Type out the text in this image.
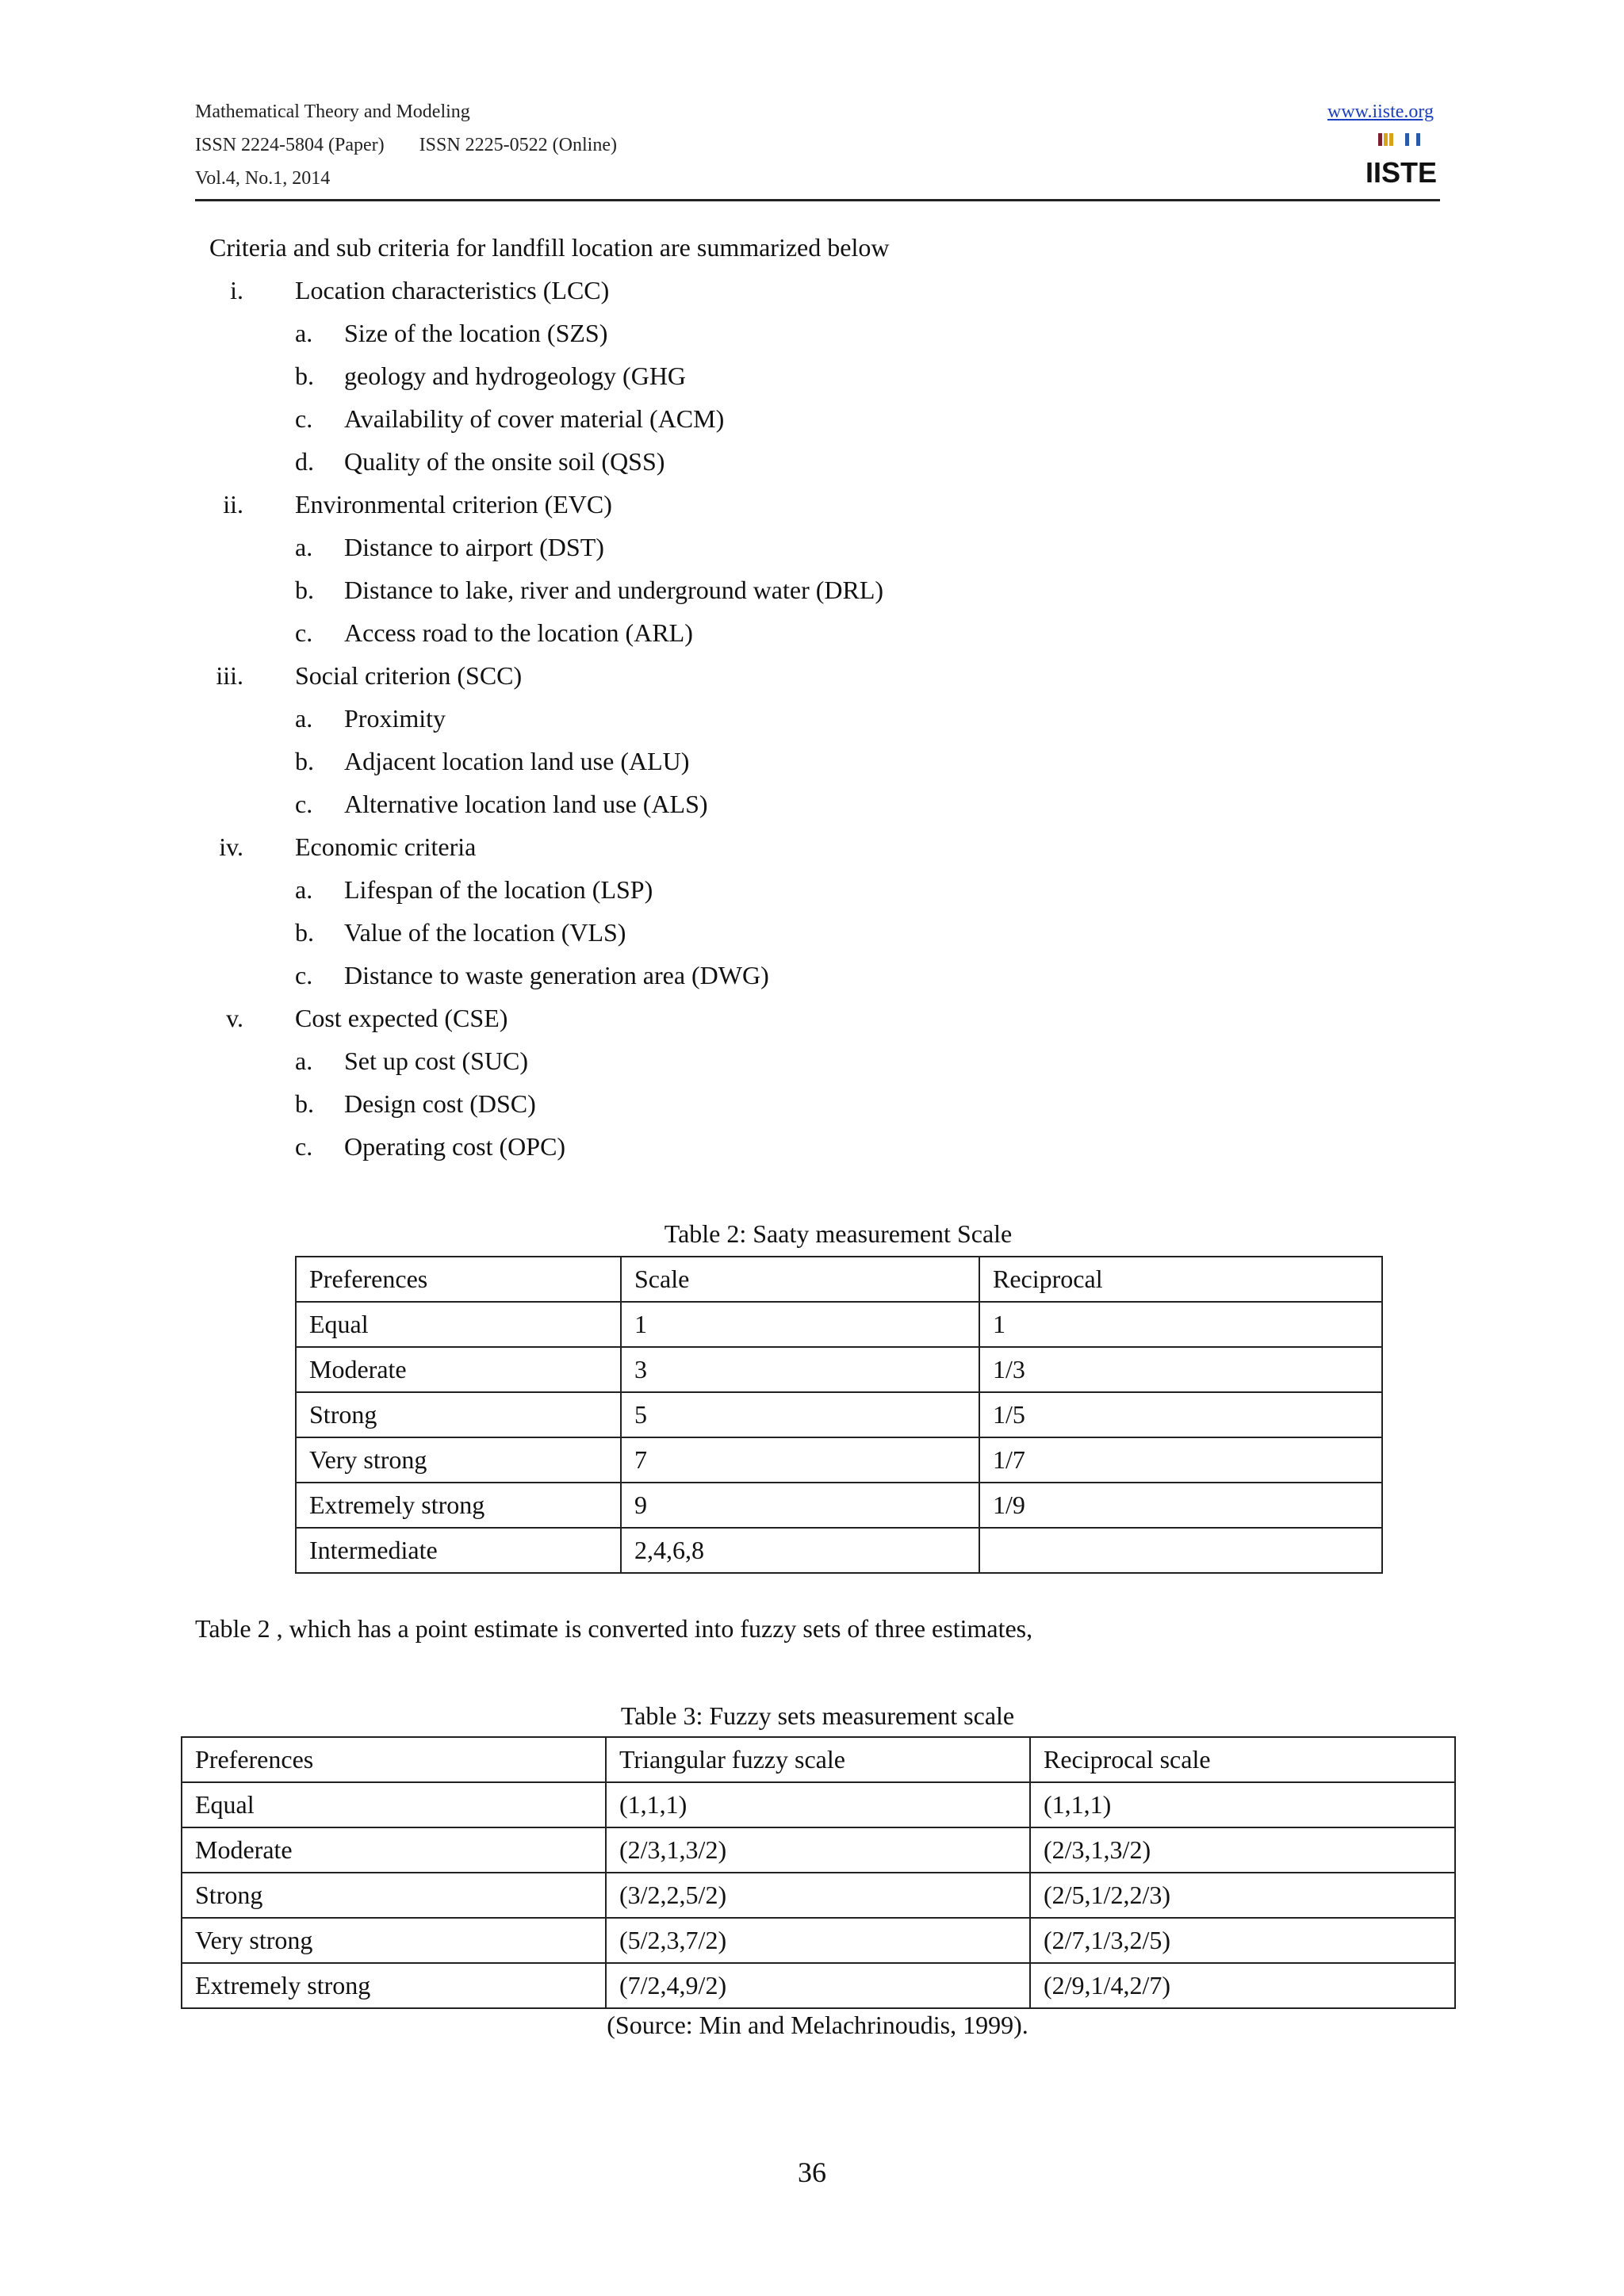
Mathematical Theory and Modeling
ISSN 2224-5804 (Paper) ISSN 2225-0522 (Online)
Vol.4, No.1, 2014
www.iiste.org
IISTE
Criteria and sub criteria for landfill location are summarized below
i. Location characteristics (LCC)
a. Size of the location (SZS)
b. geology and hydrogeology (GHG
c. Availability of cover material (ACM)
d. Quality of the onsite soil (QSS)
ii. Environmental criterion (EVC)
a. Distance to airport (DST)
b. Distance to lake, river and underground water (DRL)
c. Access road to the location (ARL)
iii. Social criterion (SCC)
a. Proximity
b. Adjacent location land use (ALU)
c. Alternative location land use (ALS)
iv. Economic criteria
a. Lifespan of the location (LSP)
b. Value of the location (VLS)
c. Distance to waste generation area (DWG)
v. Cost expected (CSE)
a. Set up cost (SUC)
b. Design cost (DSC)
c. Operating cost (OPC)
Table 2: Saaty measurement Scale
Preferences	Scale	Reciprocal
Equal	1	1
Moderate	3	1/3
Strong	5	1/5
Very strong	7	1/7
Extremely strong	9	1/9
Intermediate	2,4,6,8	
Table 2 , which has a point estimate is converted into fuzzy sets of three estimates,
Table 3: Fuzzy sets measurement scale
Preferences	Triangular fuzzy scale	Reciprocal scale
Equal	(1,1,1)	(1,1,1)
Moderate	(2/3,1,3/2)	(2/3,1,3/2)
Strong	(3/2,2,5/2)	(2/5,1/2,2/3)
Very strong	(5/2,3,7/2)	(2/7,1/3,2/5)
Extremely strong	(7/2,4,9/2)	(2/9,1/4,2/7)
(Source: Min and Melachrinoudis, 1999).
36
